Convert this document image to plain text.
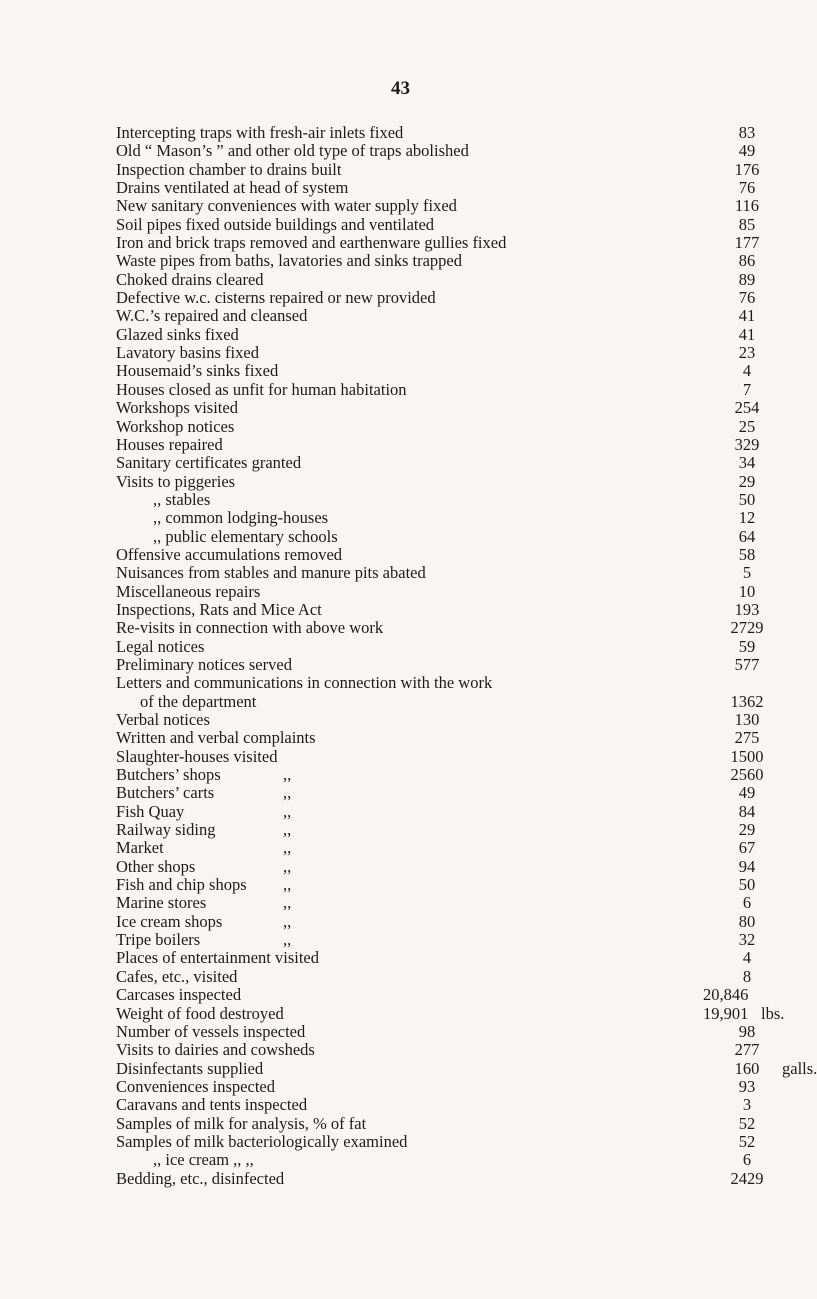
43
Intercepting traps with fresh-air inlets fixed	83
Old “ Mason’s ” and other old type of traps abolished	49
Inspection chamber to drains built	176
Drains ventilated at head of system	76
New sanitary conveniences with water supply fixed	116
Soil pipes fixed outside buildings and ventilated	85
Iron and brick traps removed and earthenware gullies fixed	177
Waste pipes from baths, lavatories and sinks trapped	86
Choked drains cleared	89
Defective w.c. cisterns repaired or new provided	76
W.C.’s repaired and cleansed	41
Glazed sinks fixed	41
Lavatory basins fixed	23
Housemaid’s sinks fixed	4
Houses closed as unfit for human habitation	7
Workshops visited	254
Workshop notices	25
Houses repaired	329
Sanitary certificates granted	34
Visits to piggeries	29
,, stables	50
,, common lodging-houses	12
,, public elementary schools	64
Offensive accumulations removed	58
Nuisances from stables and manure pits abated	5
Miscellaneous repairs	10
Inspections, Rats and Mice Act	193
Re-visits in connection with above work	2729
Legal notices	59
Preliminary notices served	577
Letters and communications in connection with the work
of the department	1362
Verbal notices	130
Written and verbal complaints	275
Slaughter-houses visited	1500
Butchers’ shops	,,	2560
Butchers’ carts	,,	49
Fish Quay	,,	84
Railway siding	,,	29
Market	,,	67
Other shops	,,	94
Fish and chip shops ,,	50
Marine stores	,,	6
Ice cream shops	,,	80
Tripe boilers	,,	32
Places of entertainment visited	4
Cafes, etc., visited	8
Carcases inspected	20,846
Weight of food destroyed	19,901 lbs.
Number of vessels inspected	98
Visits to dairies and cowsheds	277
Disinfectants supplied	160	galls.
Conveniences inspected	93
Caravans and tents inspected	3
Samples of milk for analysis, % of fat	52
Samples of milk bacteriologically examined	52
,, ice cream ,, ,,	6
Bedding, etc., disinfected	2429
